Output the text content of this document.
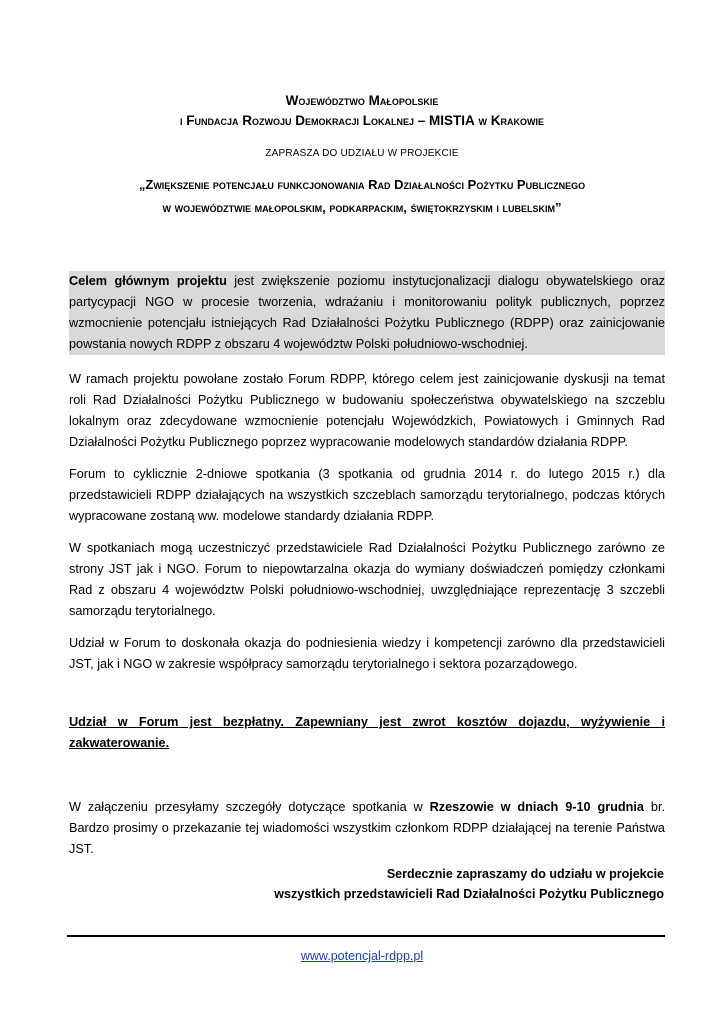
Województwo Małopolskie
i Fundacja Rozwoju Demokracji Lokalnej – MISTIA w Krakowie
ZAPRASZA DO UDZIAŁU W PROJEKCIE
„Zwiększenie potencjału funkcjonowania Rad Działalności Pożytku Publicznego
w województwie małopolskim, podkarpackim, świętokrzyskim i lubelskim”

Celem głównym projektu jest zwiększenie poziomu instytucjonalizacji dialogu obywatelskiego oraz partycypacji NGO w procesie tworzenia, wdrażaniu i monitorowaniu polityk publicznych, poprzez wzmocnienie potencjału istniejących Rad Działalności Pożytku Publicznego (RDPP) oraz zainicjowanie powstania nowych RDPP z obszaru 4 województw Polski południowo-wschodniej.

W ramach projektu powołane zostało Forum RDPP, którego celem jest zainicjowanie dyskusji na temat roli Rad Działalności Pożytku Publicznego w budowaniu społeczeństwa obywatelskiego na szczeblu lokalnym oraz zdecydowane wzmocnienie potencjału Wojewódzkich, Powiatowych i Gminnych Rad Działalności Pożytku Publicznego poprzez wypracowanie modelowych standardów działania RDPP.

Forum to cyklicznie 2-dniowe spotkania (3 spotkania od grudnia 2014 r. do lutego 2015 r.) dla przedstawicieli RDPP działających na wszystkich szczeblach samorządu terytorialnego, podczas których wypracowane zostaną ww. modelowe standardy działania RDPP.

W spotkaniach mogą uczestniczyć przedstawiciele Rad Działalności Pożytku Publicznego zarówno ze strony JST jak i NGO. Forum to niepowtarzalna okazja do wymiany doświadczeń pomiędzy członkami Rad z obszaru 4 województw Polski południowo-wschodniej, uwzględniające reprezentację 3 szczebli samorządu terytorialnego.

Udział w Forum to doskonała okazja do podniesienia wiedzy i kompetencji zarówno dla przedstawicieli JST, jak i NGO w zakresie współpracy samorządu terytorialnego i sektora pozarządowego.

Udział w Forum jest bezpłatny. Zapewniany jest zwrot kosztów dojazdu, wyżywienie i zakwaterowanie.

W załączeniu przesyłamy szczegóły dotyczące spotkania w Rzeszowie w dniach 9-10 grudnia br. Bardzo prosimy o przekazanie tej wiadomości wszystkim członkom RDPP działającej na terenie Państwa JST.

Serdecznie zapraszamy do udziału w projekcie
wszystkich przedstawicieli Rad Działalności Pożytku Publicznego
www.potencjal-rdpp.pl
